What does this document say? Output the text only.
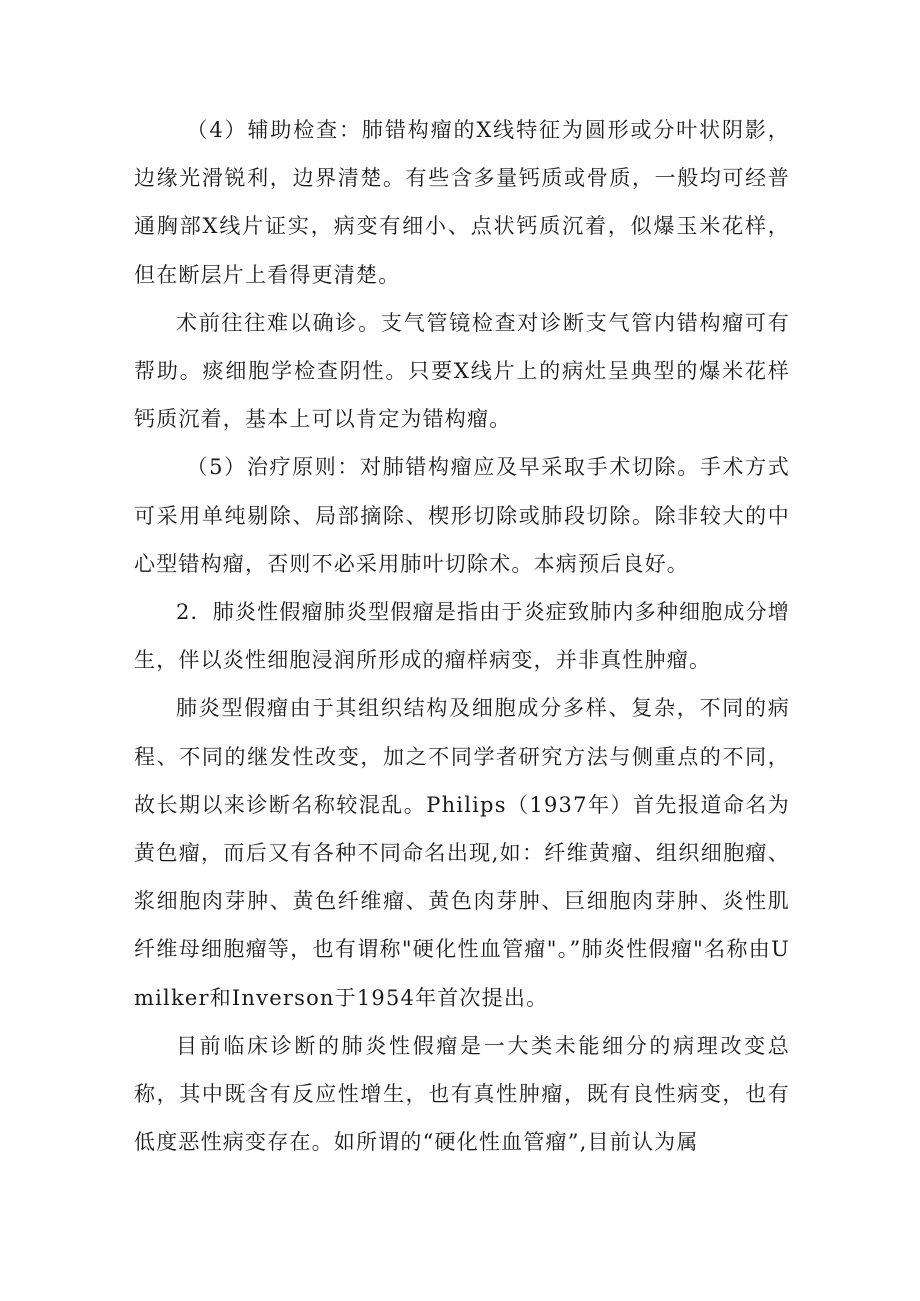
（4）辅助检查：肺错构瘤的X线特征为圆形或分叶状阴影，边缘光滑锐利，边界清楚。有些含多量钙质或骨质，一般均可经普通胸部X线片证实，病变有细小、点状钙质沉着，似爆玉米花样，但在断层片上看得更清楚。

术前往往难以确诊。支气管镜检查对诊断支气管内错构瘤可有帮助。痰细胞学检查阴性。只要X线片上的病灶呈典型的爆米花样钙质沉着，基本上可以肯定为错构瘤。

（5）治疗原则：对肺错构瘤应及早采取手术切除。手术方式可采用单纯剔除、局部摘除、楔形切除或肺段切除。除非较大的中心型错构瘤，否则不必采用肺叶切除术。本病预后良好。

2．肺炎性假瘤肺炎型假瘤是指由于炎症致肺内多种细胞成分增生，伴以炎性细胞浸润所形成的瘤样病变，并非真性肿瘤。

肺炎型假瘤由于其组织结构及细胞成分多样、复杂，不同的病程、不同的继发性改变，加之不同学者研究方法与侧重点的不同，故长期以来诊断名称较混乱。Philips（1937年）首先报道命名为黄色瘤，而后又有各种不同命名出现,如：纤维黄瘤、组织细胞瘤、浆细胞肉芽肿、黄色纤维瘤、黄色肉芽肿、巨细胞肉芽肿、炎性肌纤维母细胞瘤等，也有谓称"硬化性血管瘤"。”肺炎性假瘤"名称由Umilker和Inverson于1954年首次提出。

目前临床诊断的肺炎性假瘤是一大类未能细分的病理改变总称，其中既含有反应性增生，也有真性肿瘤，既有良性病变，也有低度恶性病变存在。如所谓的“硬化性血管瘤”,目前认为属
